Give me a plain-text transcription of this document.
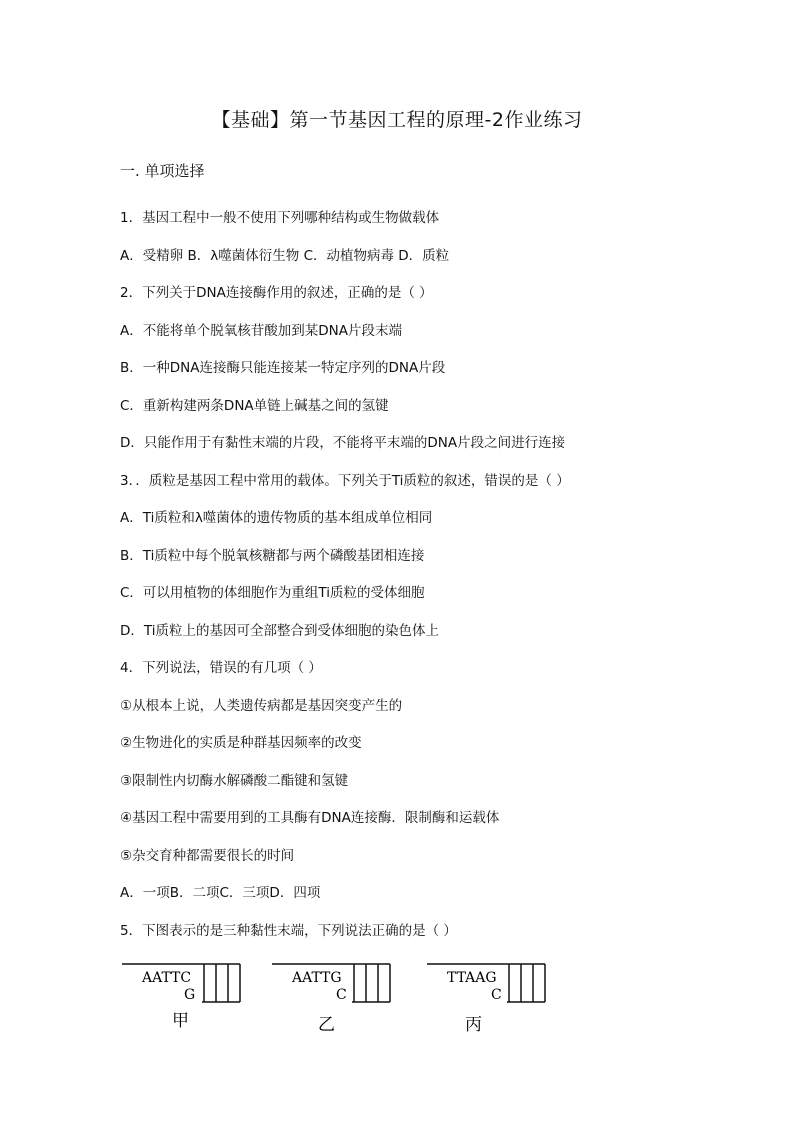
【基础】第一节基因工程的原理-2作业练习
一. 单项选择
1．基因工程中一般不使用下列哪种结构或生物做载体
A．受精卵 B．λ噬菌体衍生物 C．动植物病毒 D．质粒
2．下列关于DNA连接酶作用的叙述，正确的是（ ）
A．不能将单个脱氧核苷酸加到某DNA片段末端
B．一种DNA连接酶只能连接某一特定序列的DNA片段
C．重新构建两条DNA单链上碱基之间的氢键
D．只能作用于有黏性末端的片段，不能将平末端的DNA片段之间进行连接
3．．质粒是基因工程中常用的载体。下列关于Ti质粒的叙述，错误的是（ ）
A．Ti质粒和λ噬菌体的遗传物质的基本组成单位相同
B．Ti质粒中每个脱氧核糖都与两个磷酸基团相连接
C．可以用植物的体细胞作为重组Ti质粒的受体细胞
D．Ti质粒上的基因可全部整合到受体细胞的染色体上
4．下列说法，错误的有几项（ ）
①从根本上说，人类遗传病都是基因突变产生的
②生物进化的实质是种群基因频率的改变
③限制性内切酶水解磷酸二酯键和氢键
④基因工程中需要用到的工具酶有DNA连接酶．限制酶和运载体
⑤杂交育种都需要很长的时间
A．一项B．二项C．三项D．四项
5．下图表示的是三种黏性末端，下列说法正确的是（ ）
AATTC
G
甲
AATTG
C
乙
TTAAG
C
丙
